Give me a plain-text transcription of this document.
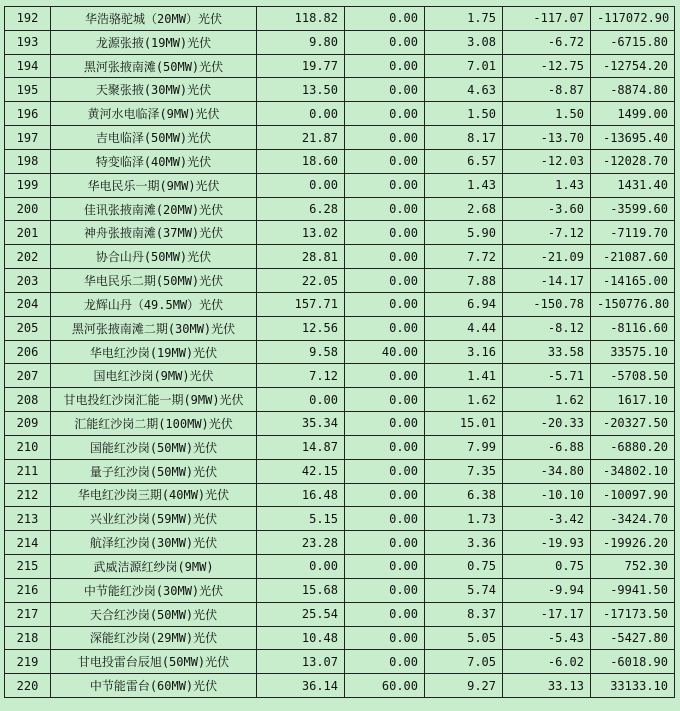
192	华浩骆驼城（20MW）光伏	118.82	0.00	1.75	-117.07	-117072.90
193	龙源张掖(19MW)光伏	9.80	0.00	3.08	-6.72	-6715.80
194	黑河张掖南滩(50MW)光伏	19.77	0.00	7.01	-12.75	-12754.20
195	天聚张掖(30MW)光伏	13.50	0.00	4.63	-8.87	-8874.80
196	黄河水电临泽(9MW)光伏	0.00	0.00	1.50	1.50	1499.00
197	吉电临泽(50MW)光伏	21.87	0.00	8.17	-13.70	-13695.40
198	特变临泽(40MW)光伏	18.60	0.00	6.57	-12.03	-12028.70
199	华电民乐一期(9MW)光伏	0.00	0.00	1.43	1.43	1431.40
200	佳讯张掖南滩(20MW)光伏	6.28	0.00	2.68	-3.60	-3599.60
201	神舟张掖南滩(37MW)光伏	13.02	0.00	5.90	-7.12	-7119.70
202	协合山丹(50MW)光伏	28.81	0.00	7.72	-21.09	-21087.60
203	华电民乐二期(50MW)光伏	22.05	0.00	7.88	-14.17	-14165.00
204	龙辉山丹（49.5MW）光伏	157.71	0.00	6.94	-150.78	-150776.80
205	黑河张掖南滩二期(30MW)光伏	12.56	0.00	4.44	-8.12	-8116.60
206	华电红沙岗(19MW)光伏	9.58	40.00	3.16	33.58	33575.10
207	国电红沙岗(9MW)光伏	7.12	0.00	1.41	-5.71	-5708.50
208	甘电投红沙岗汇能一期(9MW)光伏	0.00	0.00	1.62	1.62	1617.10
209	汇能红沙岗二期(100MW)光伏	35.34	0.00	15.01	-20.33	-20327.50
210	国能红沙岗(50MW)光伏	14.87	0.00	7.99	-6.88	-6880.20
211	量子红沙岗(50MW)光伏	42.15	0.00	7.35	-34.80	-34802.10
212	华电红沙岗三期(40MW)光伏	16.48	0.00	6.38	-10.10	-10097.90
213	兴业红沙岗(59MW)光伏	5.15	0.00	1.73	-3.42	-3424.70
214	航泽红沙岗(30MW)光伏	23.28	0.00	3.36	-19.93	-19926.20
215	武威洁源红纱岗(9MW)	0.00	0.00	0.75	0.75	752.30
216	中节能红沙岗(30MW)光伏	15.68	0.00	5.74	-9.94	-9941.50
217	天合红沙岗(50MW)光伏	25.54	0.00	8.37	-17.17	-17173.50
218	深能红沙岗(29MW)光伏	10.48	0.00	5.05	-5.43	-5427.80
219	甘电投雷台辰旭(50MW)光伏	13.07	0.00	7.05	-6.02	-6018.90
220	中节能雷台(60MW)光伏	36.14	60.00	9.27	33.13	33133.10
